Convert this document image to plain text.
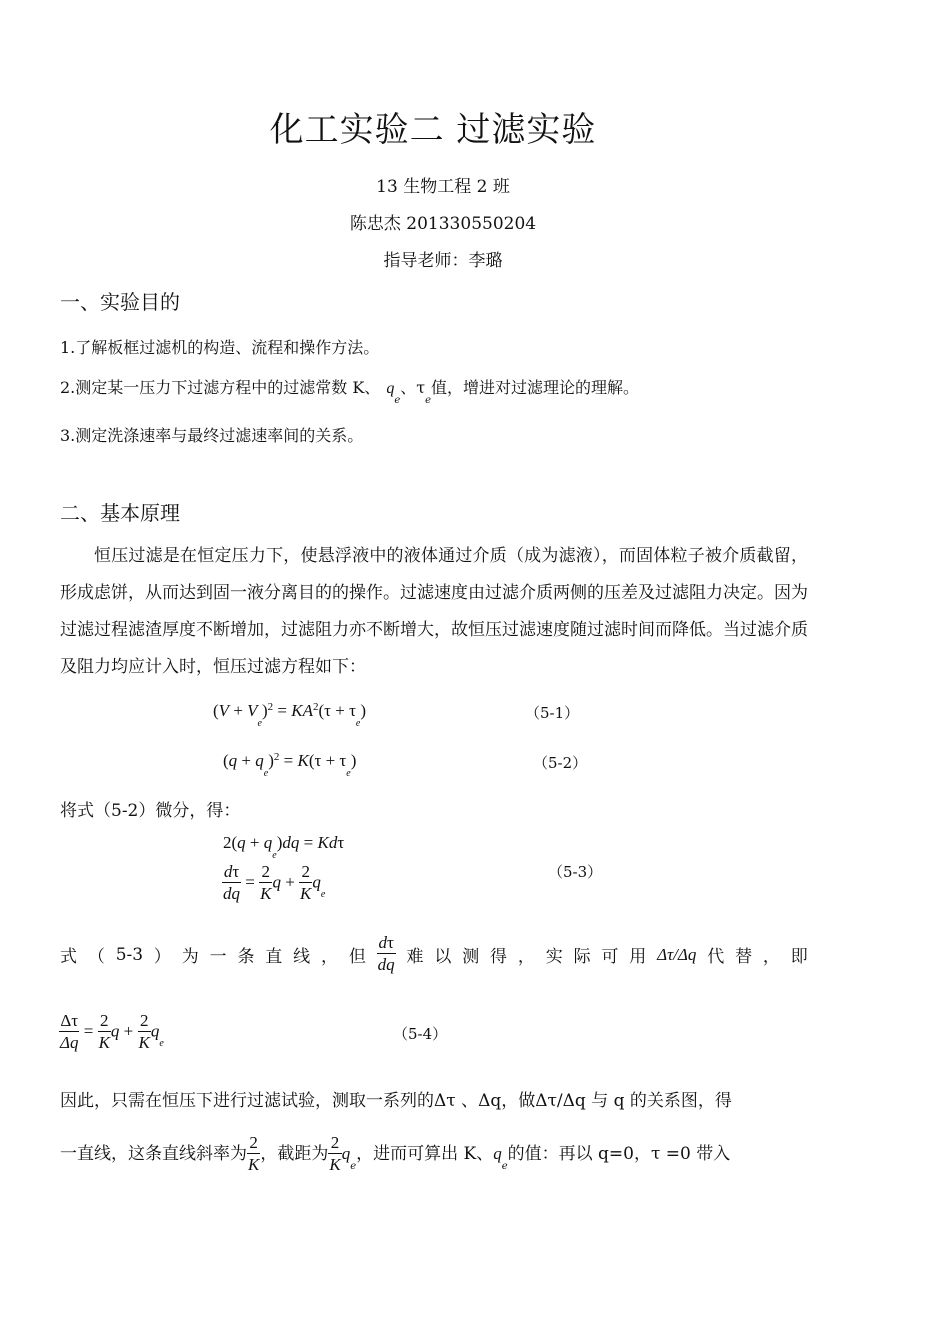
化工实验二 过滤实验
13 生物工程 2 班
陈忠杰 201330550204
指导老师：李璐
一、实验目的
1.了解板框过滤机的构造、流程和操作方法。
2.测定某一压力下过滤方程中的过滤常数 K、 $q_e$、$\tau_e$值，增进对过滤理论的理解。
3.测定洗涤速率与最终过滤速率间的关系。
二、基本原理
恒压过滤是在恒定压力下，使悬浮液中的液体通过介质（成为滤液），而固体粒子被介质截留，形成虑饼，从而达到固一液分离目的的操作。过滤速度由过滤介质两侧的压差及过滤阻力决定。因为过滤过程滤渣厚度不断增加，过滤阻力亦不断增大，故恒压过滤速度随过滤时间而降低。当过滤介质及阻力均应计入时，恒压过滤方程如下：
$(V + V_e)^2 = KA^2(\tau + \tau_e)$	（5-1）
$(q + q_e)^2 = K(\tau + \tau_e)$	（5-2）
将式（5-2）微分，得：
$2(q + q_e)dq = Kd\tau$
$\frac{d\tau}{dq} = \frac{2}{K}$ $q + \frac{2}{K} q_e$
（5-3）
式 （ 5-3 ） 为 一 条 直 线 ， 但 $\frac{d\tau}{dq}$ 难 以 测 得 ， 实 际 可 用 Δτ/Δq 代 替 ， 即
$\frac{\Delta\tau}{\Delta q} = \frac{2}{K}$ $q + \frac{2}{K} q_e$
（5-4）
因此，只需在恒压下进行过滤试验，测取一系列的Δτ 、Δq，做Δτ/Δq 与 q 的关系图，得
一直线，这条直线斜率为 $\frac{2}{K}$ ，截距为 $\frac{2}{K} q_e$，进而可算出 K、$q_e$的值：再以 q=0，τ =0 带入
